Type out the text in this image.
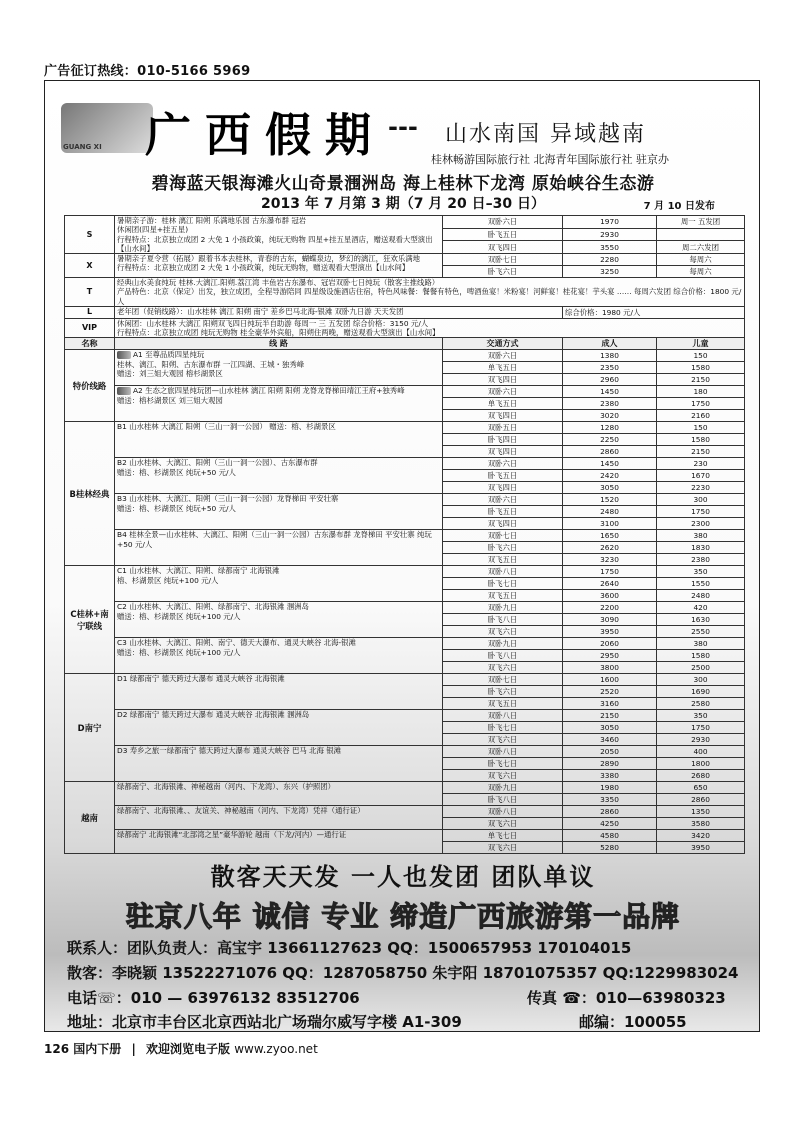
广告征订热线：010-5166 5969
GUANG XI 广西假期 --- 山水南国 异域越南
桂林畅游国际旅行社 北海青年国际旅行社 驻京办
碧海蓝天银海滩火山奇景涠洲岛 海上桂林下龙湾 原始峡谷生态游
2013 年 7 月第 3 期（7 月 20 日–30 日）	7 月 10 日发布
S	暑期亲子游：桂林 漓江 阳朔 乐满地乐园 古东瀑布群 冠岩
休闲团(四星+挂五星)
行程特点：北京独立成团 2 大免 1 小孩政策，纯玩无购物 四星+挂五星酒店，赠送观看大型演出【山水间】	双卧六日	1970	周一 五发团
		卧飞五日	2930	
		双飞四日	3550	周二六发团
X	暑期亲子夏令营（拓展）跟着书本去桂林，青春的古东，蝴蝶泉边，梦幻的漓江，狂欢乐满地
行程特点：北京独立成团 2 大免 1 小孩政策，纯玩无购物，赠送观看大型演出【山水间】	双卧七日	2280	每周六
		卧飞六日	3250	每周六
T	经典山水美食纯玩 桂林.大漓江.阳朔.荔江湾 丰鱼岩古东瀑布、冠岩双卧七日纯玩（散客主推线路）
产品特色：北京（保定）出发，独立成团，全程导游陪同 四星级设施酒店住宿，特色风味餐：餐餐有特色，啤酒鱼宴！米粉宴！河鲜宴！桂花宴！芋头宴 …… 每周六发团 综合价格：1800 元/人			
L	老年团（促销线路）：山水桂林 漓江 阳朔 南宁 差乡巴马北海-银滩 双卧九日游 天天发团		综合价格：1980 元/人	
VIP	休闲团：山水桂林 大漓江 阳朔双飞四日纯玩半自助游 每周一 三 五发团 综合价格：3150 元/人
行程特点：北京独立成团 纯玩无购物 桂全豪华外宾船，阳朔住两晚，赠送观看大型演出【山水间】			
名称	线 路	交通方式	成人	儿童
特价线路	A1 至尊品质四星纯玩
桂林、漓江、阳朔、古东瀑布群 一江四湖、王城・独秀峰
赠送：刘三姐大观园 榕杉湖景区	双卧六日	1380	150
		单飞五日	2350	1580
		双飞四日	2960	2150
	A2 生态之旅四星纯玩团—山水桂林 漓江 阳朔 阳朔 龙脊龙脊梯田靖江王府+独秀峰
赠送：榕杉湖景区 刘三姐大观园	双卧六日	1450	180
		单飞五日	2380	1750
		双飞四日	3020	2160
B桂林经典	B1 山水桂林 大漓江 阳朔（三山一洞一公园） 赠送：榕、杉湖景区	双卧五日	1280	150
		卧飞四日	2250	1580
		双飞四日	2860	2150
	B2 山水桂林、大漓江、阳朔（三山一洞一公园）、古东瀑布群
赠送：榕、杉湖景区 纯玩+50 元/人	双卧六日	1450	230
		卧飞五日	2420	1670
		双飞四日	3050	2230
	B3 山水桂林、大漓江、阳朔（三山一洞一公园）龙脊梯田 平安壮寨
赠送：榕、杉湖景区 纯玩+50 元/人	双卧六日	1520	300
		卧飞五日	2480	1750
		双飞四日	3100	2300
	B4 桂林全景—山水桂林、大漓江、阳朔（三山一洞一公园）古东瀑布群 龙脊梯田 平安壮寨 纯玩+50 元/人	双卧七日	1650	380
		卧飞六日	2620	1830
		双飞五日	3230	2380
C桂林+南宁联线	C1 山水桂林、大漓江、阳朔、绿都南宁 北海银滩
榕、杉湖景区 纯玩+100 元/人	双卧八日	1750	350
		卧飞七日	2640	1550
		双飞五日	3600	2480
	C2 山水桂林、大漓江、阳朔、绿都南宁、北海银滩 涠洲岛
赠送：榕、杉湖景区 纯玩+100 元/人	双卧九日	2200	420
		卧飞八日	3090	1630
		双飞六日	3950	2550
	C3 山水桂林、大漓江、阳朔、南宁、德天大瀑布、通灵大峡谷 北海-银滩
赠送：榕、杉湖景区 纯玩+100 元/人	双卧九日	2060	380
		卧飞八日	2950	1580
		双飞六日	3800	2500
D南宁	D1 绿都南宁 德天跨过大瀑布 通灵大峡谷 北海银滩	双卧七日	1600	300
		卧飞六日	2520	1690
		双飞五日	3160	2580
	D2 绿都南宁 德天跨过大瀑布 通灵大峡谷 北海银滩 涠洲岛	双卧八日	2150	350
		卧飞七日	3050	1750
		双飞六日	3460	2930
	D3 寿乡之旅一绿都南宁 德天跨过大瀑布 通灵大峡谷 巴马 北海 银滩	双卧八日	2050	400
		卧飞七日	2890	1800
		双飞六日	3380	2680
越南	绿都南宁、北海银滩、神秘越南（河内、下龙湾）、东兴（护照团）	双卧九日	1980	650
		卧飞八日	3350	2860
	绿都南宁、北海银滩、、友谊关、神秘越南（河内、下龙湾）凭祥（通行证）	双卧八日	2860	1350
		双飞六日	4250	3580
	绿都南宁 北海银滩“北部湾之星”豪华游轮 越南（下龙/河内）—通行证	单飞七日	4580	3420
		双飞六日	5280	3950
散客天天发 一人也发团 团队单议
驻京八年 诚信 专业 缔造广西旅游第一品牌
联系人：团队负责人：高宝宇 13661127623 QQ：1500657953 170104015
散客：李晓颖 13522271076 QQ：1287058750 朱宇阳 18701075357 QQ:1229983024
电话☏：010 — 63976132 83512706	传真 ☎：010—63980323
地址：北京市丰台区北京西站北广场瑞尔威写字楼 A1-309	邮编：100055
126 国内下册 | 欢迎浏览电子版 www.zyoo.net
